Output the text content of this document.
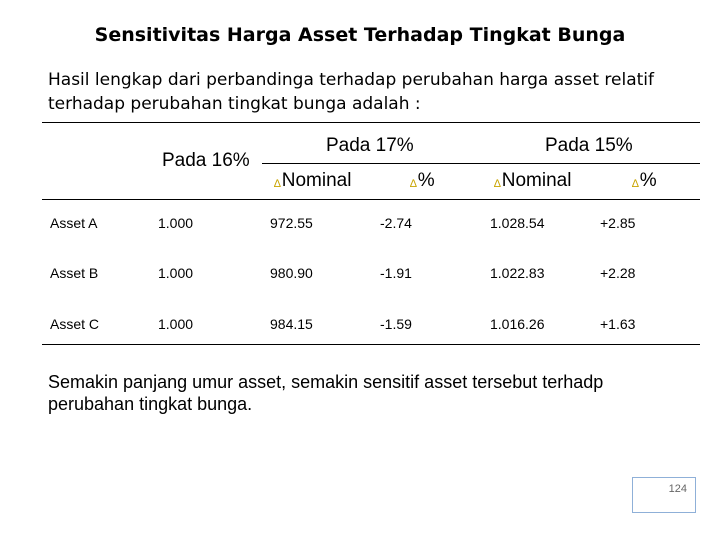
Sensitivitas Harga Asset Terhadap Tingkat Bunga
Hasil lengkap dari perbandinga terhadap perubahan harga asset relatif terhadap perubahan tingkat bunga adalah :
Pada 16%
Pada 17%	Pada 15%
∆Nominal	∆%	∆Nominal	∆%
Asset A	1.000	972.55	-2.74	1.028.54	+2.85
Asset B	1.000	980.90	-1.91	1.022.83	+2.28
Asset C	1.000	984.15	-1.59	1.016.26	+1.63
Semakin panjang umur asset, semakin sensitif asset tersebut terhadp perubahan tingkat bunga.
124
